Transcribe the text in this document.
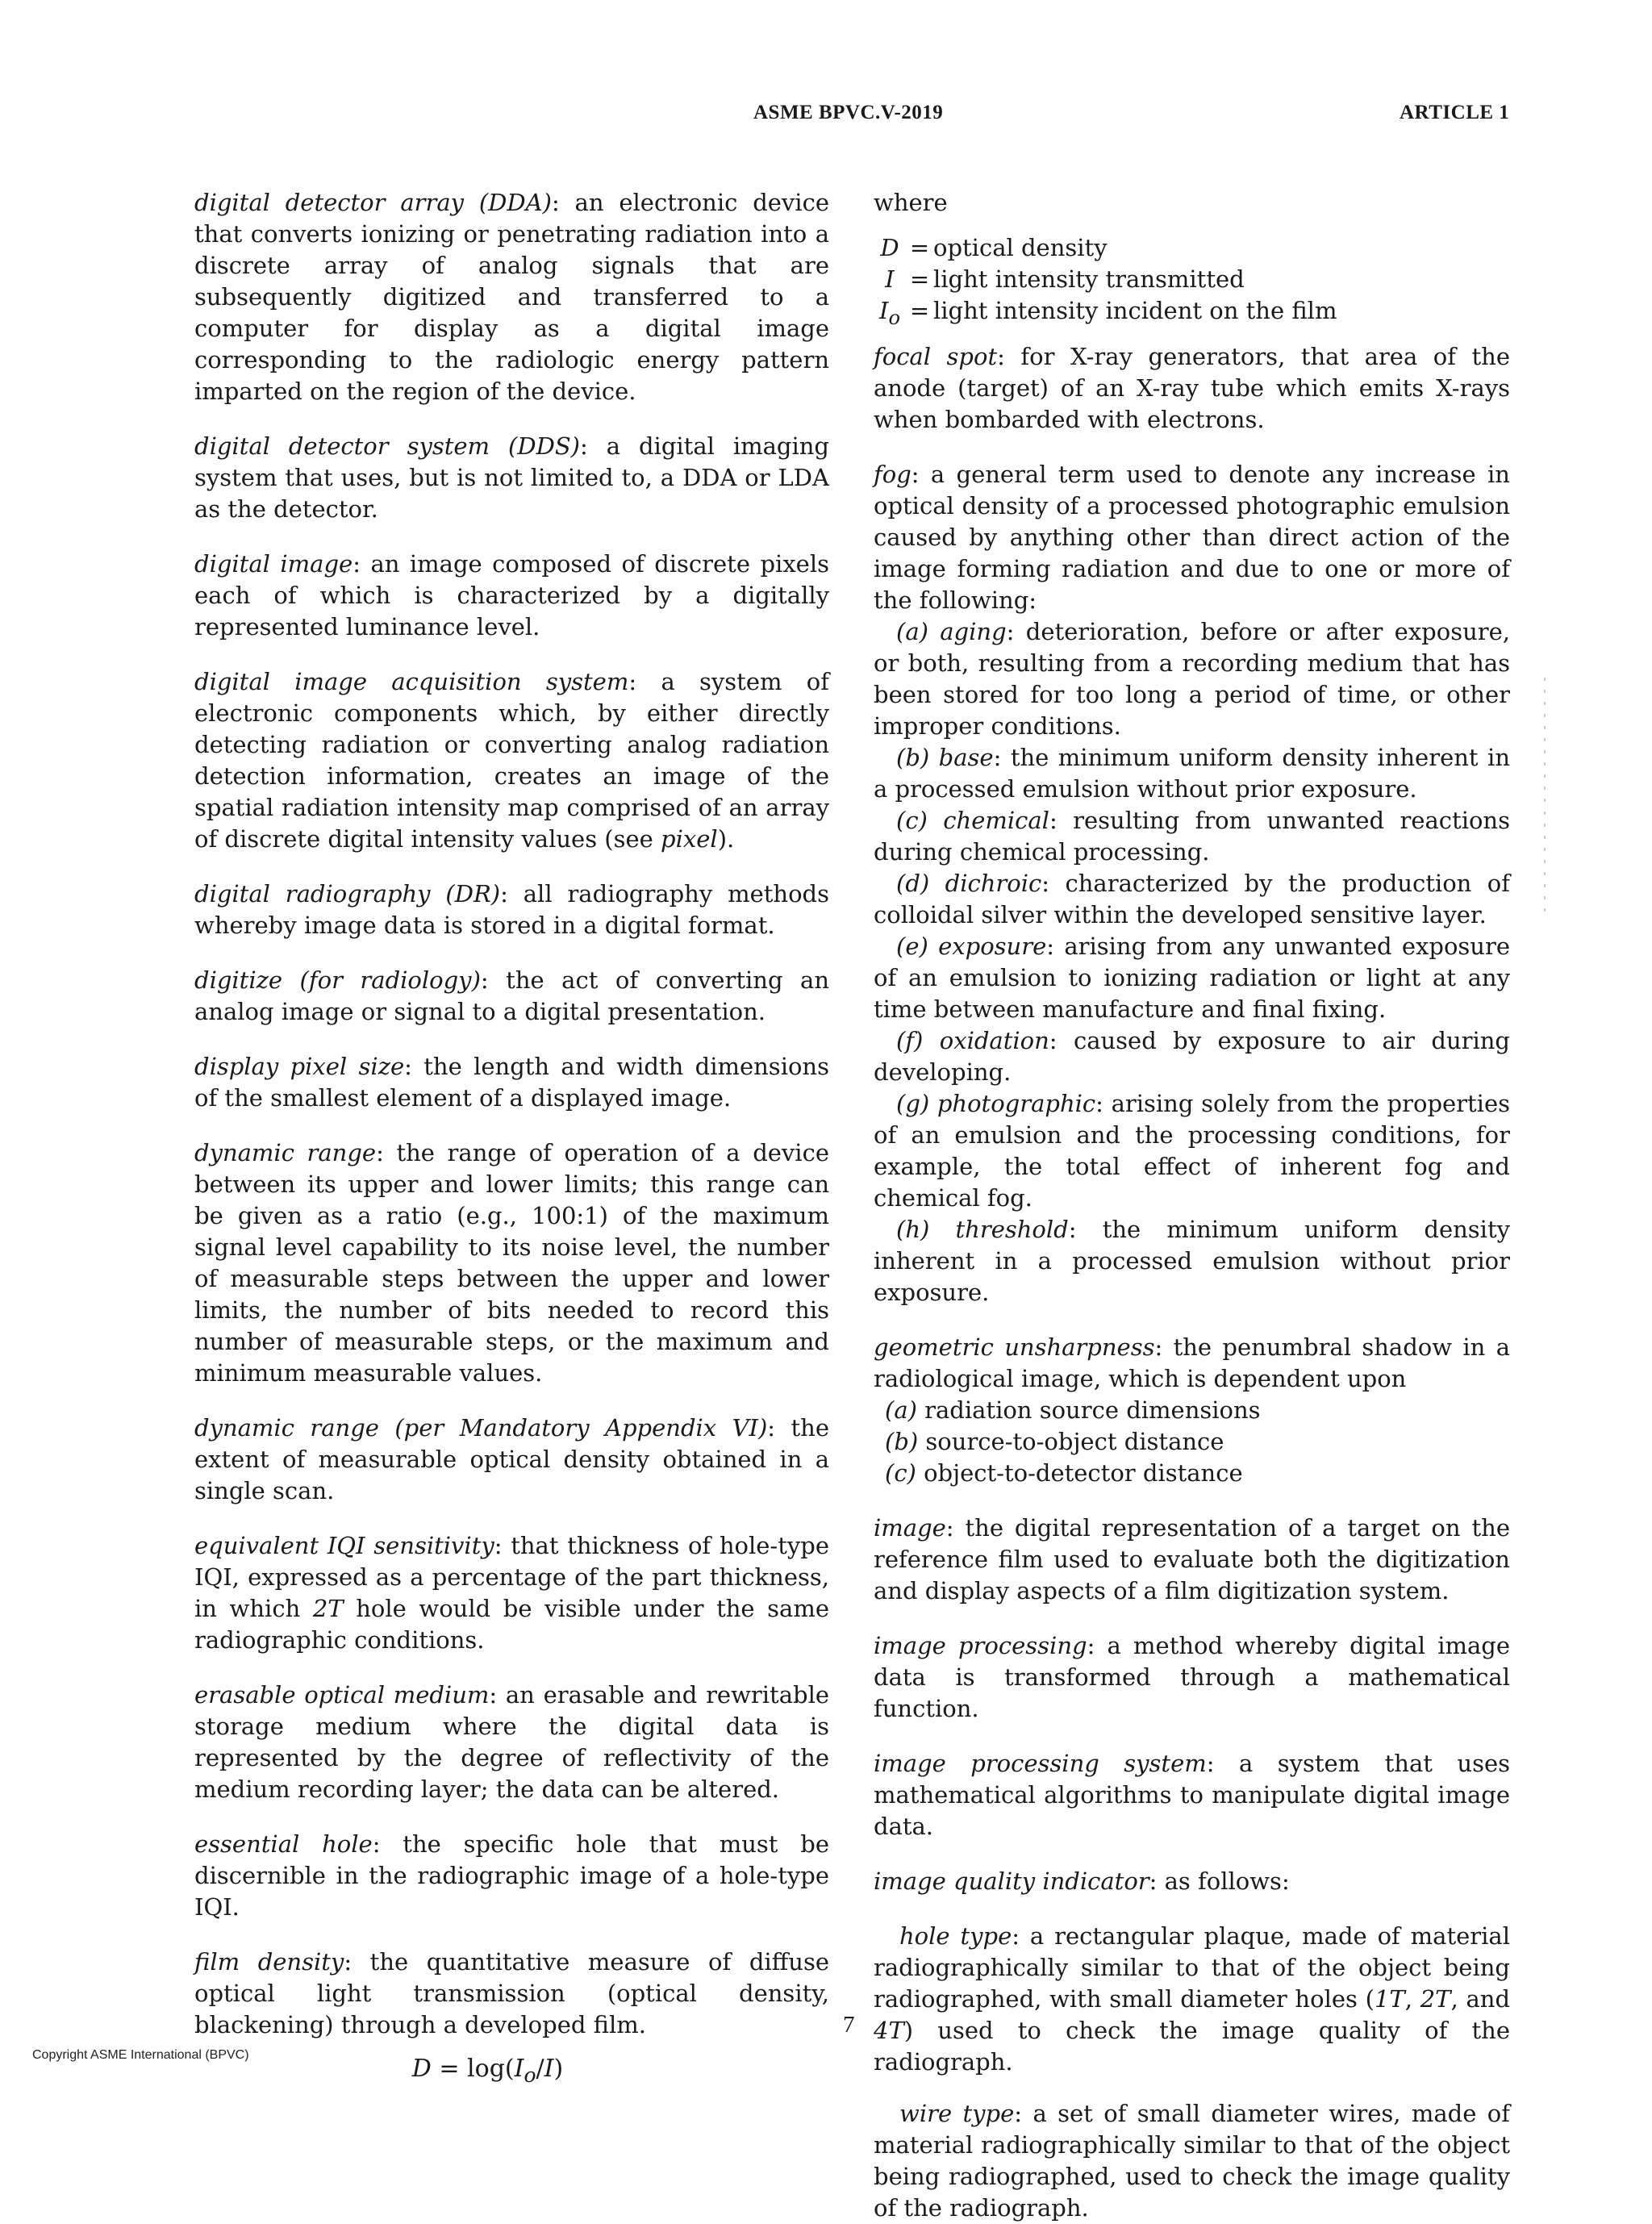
ASME BPVC.V-2019	ARTICLE 1

digital detector array (DDA): an electronic device that converts ionizing or penetrating radiation into a discrete array of analog signals that are subsequently digitized and transferred to a computer for display as a digital image corresponding to the radiologic energy pattern imparted on the region of the device.

digital detector system (DDS): a digital imaging system that uses, but is not limited to, a DDA or LDA as the detector.

digital image: an image composed of discrete pixels each of which is characterized by a digitally represented luminance level.

digital image acquisition system: a system of electronic components which, by either directly detecting radiation or converting analog radiation detection information, creates an image of the spatial radiation intensity map comprised of an array of discrete digital intensity values (see pixel).

digital radiography (DR): all radiography methods whereby image data is stored in a digital format.

digitize (for radiology): the act of converting an analog image or signal to a digital presentation.

display pixel size: the length and width dimensions of the smallest element of a displayed image.

dynamic range: the range of operation of a device between its upper and lower limits; this range can be given as a ratio (e.g., 100:1) of the maximum signal level capability to its noise level, the number of measurable steps between the upper and lower limits, the number of bits needed to record this number of measurable steps, or the maximum and minimum measurable values.

dynamic range (per Mandatory Appendix VI): the extent of measurable optical density obtained in a single scan.

equivalent IQI sensitivity: that thickness of hole-type IQI, expressed as a percentage of the part thickness, in which 2T hole would be visible under the same radiographic conditions.

erasable optical medium: an erasable and rewritable storage medium where the digital data is represented by the degree of reflectivity of the medium recording layer; the data can be altered.

essential hole: the specific hole that must be discernible in the radiographic image of a hole-type IQI.

film density: the quantitative measure of diffuse optical light transmission (optical density, blackening) through a developed film.

$D = \log(I_o/I)$

where

D = optical density
I = light intensity transmitted
$I_o$ = light intensity incident on the film

focal spot: for X-ray generators, that area of the anode (target) of an X-ray tube which emits X-rays when bombarded with electrons.

fog: a general term used to denote any increase in optical density of a processed photographic emulsion caused by anything other than direct action of the image forming radiation and due to one or more of the following:

(a) aging: deterioration, before or after exposure, or both, resulting from a recording medium that has been stored for too long a period of time, or other improper conditions.

(b) base: the minimum uniform density inherent in a processed emulsion without prior exposure.

(c) chemical: resulting from unwanted reactions during chemical processing.

(d) dichroic: characterized by the production of colloidal silver within the developed sensitive layer.

(e) exposure: arising from any unwanted exposure of an emulsion to ionizing radiation or light at any time between manufacture and final fixing.

(f) oxidation: caused by exposure to air during developing.

(g) photographic: arising solely from the properties of an emulsion and the processing conditions, for example, the total effect of inherent fog and chemical fog.

(h) threshold: the minimum uniform density inherent in a processed emulsion without prior exposure.

geometric unsharpness: the penumbral shadow in a radiological image, which is dependent upon

(a) radiation source dimensions
(b) source-to-object distance
(c) object-to-detector distance

image: the digital representation of a target on the reference film used to evaluate both the digitization and display aspects of a film digitization system.

image processing: a method whereby digital image data is transformed through a mathematical function.

image processing system: a system that uses mathematical algorithms to manipulate digital image data.

image quality indicator: as follows:

hole type: a rectangular plaque, made of material radiographically similar to that of the object being radiographed, with small diameter holes (1T, 2T, and 4T) used to check the image quality of the radiograph.

wire type: a set of small diameter wires, made of material radiographically similar to that of the object being radiographed, used to check the image quality of the radiograph.

7
Copyright ASME International (BPVC)
